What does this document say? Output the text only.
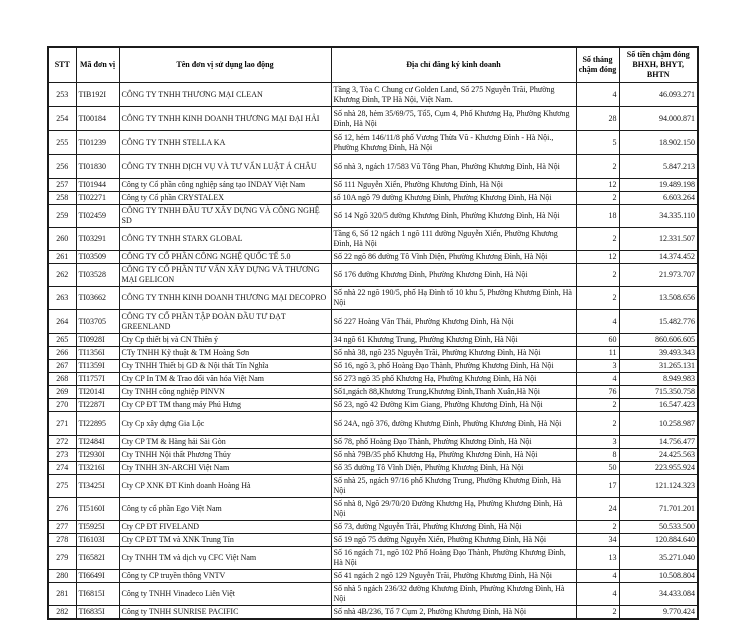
STT	Mã đơn vị	Tên đơn vị sử dụng lao động	Địa chỉ đăng ký kinh doanh	Số tháng chậm đóng	Số tiền chậm đóng BHXH, BHYT, BHTN
253	TIB192I	CÔNG TY TNHH THƯƠNG MẠI CLEAN	Tầng 3, Tòa C Chung cư Golden Land, Số 275 Nguyễn Trãi, Phường Khương Đình, TP Hà Nội, Việt Nam.	4	46.093.271
254	TI00184	CÔNG TY TNHH KINH DOANH THƯƠNG MẠI ĐẠI HẢI	Số nhà 28, hẻm 35/69/75, Tổ5, Cụm 4, Phố Khương Hạ, Phường Khương Đình, Hà Nội	28	94.000.871
255	TI01239	CÔNG TY TNHH STELLA KA	Số 12, hẻm 146/11/8 phố Vương Thừa Vũ - Khương Đình - Hà Nội., Phường Khương Đình, Hà Nội	5	18.902.150
256	TI01830	CÔNG TY TNHH DỊCH VỤ VÀ TƯ VẤN LUẬT Á CHÂU	Số nhà 3, ngách 17/583 Vũ Tông Phan, Phường Khương Đình, Hà Nội	2	5.847.213
257	TI01944	Công ty Cổ phần công nghiệp sáng tạo INDAY Việt Nam	Số 111 Nguyễn Xiển, Phường Khương Đình, Hà Nội	12	19.489.198
258	TI02271	Công ty Cổ phần CRYSTALEX	số 10A ngõ 79 đường Khương Đình, Phường Khương Đình, Hà Nội	2	6.603.264
259	TI02459	CÔNG TY TNHH ĐẦU TƯ XÂY DỰNG VÀ CÔNG NGHỆ SD	Số 14 Ngõ 320/5 đường Khương Đình, Phường Khương Đình, Hà Nội	18	34.335.110
260	TI03291	CÔNG TY TNHH STARX GLOBAL	Tầng 6, Số 12 ngách 1 ngõ 111 đường Nguyễn Xiển, Phường Khương Đình, Hà Nội	2	12.331.507
261	TI03509	CÔNG TY CỔ PHẦN CÔNG NGHỆ QUỐC TẾ 5.0	Số 22 ngõ 86 đường Tô Vĩnh Diện, Phường Khương Đình, Hà Nội	12	14.374.452
262	TI03528	CÔNG TY CỔ PHẦN TƯ VẤN XÂY DỰNG VÀ THƯƠNG MẠI GELICON	Số 176 đường Khương Đình, Phường Khương Đình, Hà Nội	2	21.973.707
263	TI03662	CÔNG TY TNHH KINH DOANH THƯƠNG MẠI DECOPRO	Số nhà 22 ngõ 190/5, phố Hạ Đình tổ 10 khu 5, Phường Khương Đình, Hà Nội	2	13.508.656
264	TI03705	CÔNG TY CỔ PHẦN TẬP ĐOÀN ĐẦU TƯ ĐẠT GREENLAND	Số 227 Hoàng Văn Thái, Phường Khương Đình, Hà Nội	4	15.482.776
265	TI0928I	Cty Cp thiết bị và CN Thiên ý	34 ngõ 61 Khương Trung, Phường Khương Đình, Hà Nội	60	860.606.605
266	TI1356I	CTy TNHH Kỹ thuật & TM Hoàng Sơn	Số nhà 38, ngõ 235 Nguyễn Trãi, Phường Khương Đình, Hà Nội	11	39.493.343
267	TI1359I	Cty TNHH Thiết bị GD & Nội thất Tín Nghĩa	Số 16, ngõ 3, phố Hoàng Đạo Thành, Phường Khương Đình, Hà Nội	3	31.265.131
268	TI1757I	Cty CP In TM & Trao đổi văn hóa Việt Nam	Số 273 ngõ 35 phố Khương Hạ, Phường Khương Đình, Hà Nội	4	8.949.983
269	TI2014I	Cty TNHH công nghiệp PINVN	Số1,ngách 88,Khương Trung,Khương Đình,Thanh Xuân,Hà Nội	76	715.350.758
270	TI2287I	Cty CP ĐT TM thang máy Phú Hưng	Số 23, ngõ 42 Đường Kim Giang, Phường Khương Đình, Hà Nội	2	16.547.423
271	TI22895	Cty Cp xây dựng Gia Lộc	Số 24A, ngõ 376, đường Khương Đình, Phường Khương Đình, Hà Nội	2	10.258.987
272	TI2484I	Cty CP TM & Hàng hải Sài Gòn	Số 78, phố Hoàng Đạo Thành, Phường Khương Đình, Hà Nội	3	14.756.477
273	TI2930I	Cty TNHH Nội thất Phương Thủy	Số nhà 79B/35 phố Khương Hạ, Phường Khương Đình, Hà Nội	8	24.425.563
274	TI3216I	Cty TNHH 3N-ARCHI Việt Nam	Số 35 đường Tô Vĩnh Diện, Phường Khương Đình, Hà Nội	50	223.955.924
275	TI3425I	Cty CP XNK ĐT Kinh doanh Hoàng Hà	Số nhà 25, ngách 97/16 phố Khương Trung, Phường Khương Đình, Hà Nội	17	121.124.323
276	TI5160I	Công ty cổ phần Ego Việt Nam	Số nhà 8, Ngõ 29/70/20 Đường Khương Hạ, Phường Khương Đình, Hà Nội	24	71.701.201
277	TI5925I	Cty CP ĐT FIVELAND	Số 73, đường Nguyễn Trãi, Phường Khương Đình, Hà Nội	2	50.533.500
278	TI6103I	Cty CP ĐT TM và XNK Trung Tín	Số 19 ngõ 75 đường Nguyễn Xiển, Phường Khương Đình, Hà Nội	34	120.884.640
279	TI6582I	Cty TNHH TM và dịch vụ CFC Việt Nam	Số 16 ngách 71, ngõ 102 Phố Hoàng Đạo Thành, Phường Khương Đình, Hà Nội	13	35.271.040
280	TI6649I	Công ty CP truyền thông VNTV	Số 41 ngách 2 ngõ 129 Nguyễn Trãi, Phường Khương Đình, Hà Nội	4	10.508.804
281	TI6815I	Công ty TNHH Vinadeco Liên Việt	Số nhà 5 ngách 236/32 đường Khương Đình, Phường Khương Đình, Hà Nội	4	34.433.084
282	TI6835I	Công ty TNHH SUNRISE PACIFIC	Số nhà 4B/236, Tổ 7 Cụm 2, Phường Khương Đình, Hà Nội	2	9.770.424
